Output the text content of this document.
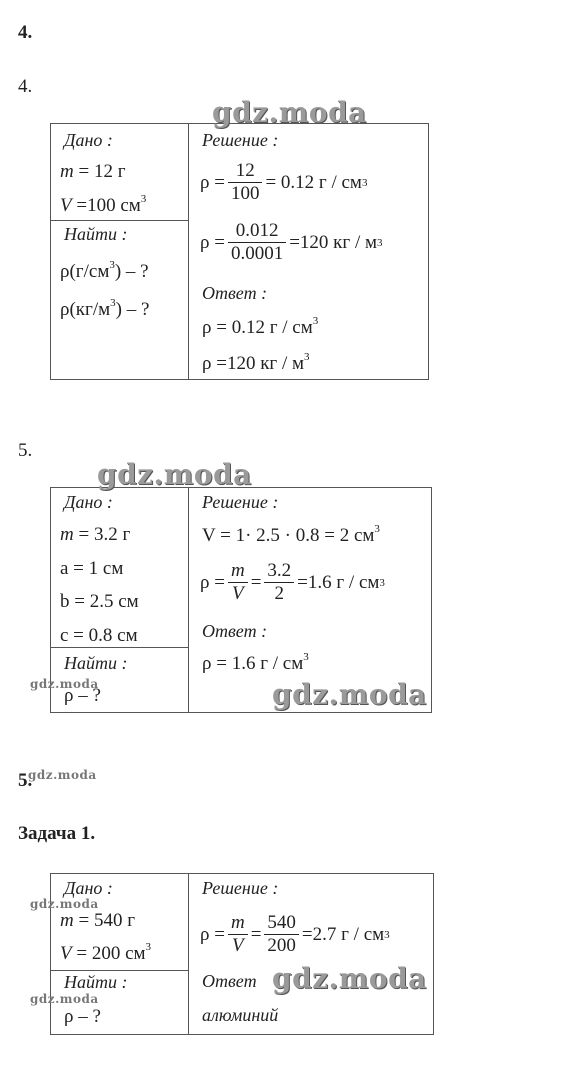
4.
4.
5.
5.
Задача 1.
Дано :
m = 12 г
V =100 $см^3$
Найти :
$\rho(г/см^3)$ – ?
$\rho(кг/м^3)$ – ?
Решение :
$\rho = \frac{12}{100} = 0.12$ г / см 3
$\rho = \frac{0.012}{0.0001} =120$ кг / м 3
Ответ :
ρ = 0.12 г / $см^3$
ρ =120 кг / $м^3$
gdz.moda
Дано :
m = 3.2 г
a = 1 см
b = 2.5 см
c = 0.8 см
Найти :
ρ – ?
Решение :
V = 1· 2.5 · 0.8 = 2 $см^3$
$\rho = \frac{m}{V} = \frac{3.2}{2} =1.6$ г / см 3
Ответ :
ρ = 1.6 г / $см^3$
gdz.moda
gdz.moda
gdz.moda
gdz.moda
Дано :
m = 540 г
V = 200 $см^3$
Найти :
ρ – ?
Решение :
$\rho = \frac{m}{V} = \frac{540}{200} =2.7$ г / см 3
Ответ
алюминий
gdz.moda
gdz.moda
gdz.moda
